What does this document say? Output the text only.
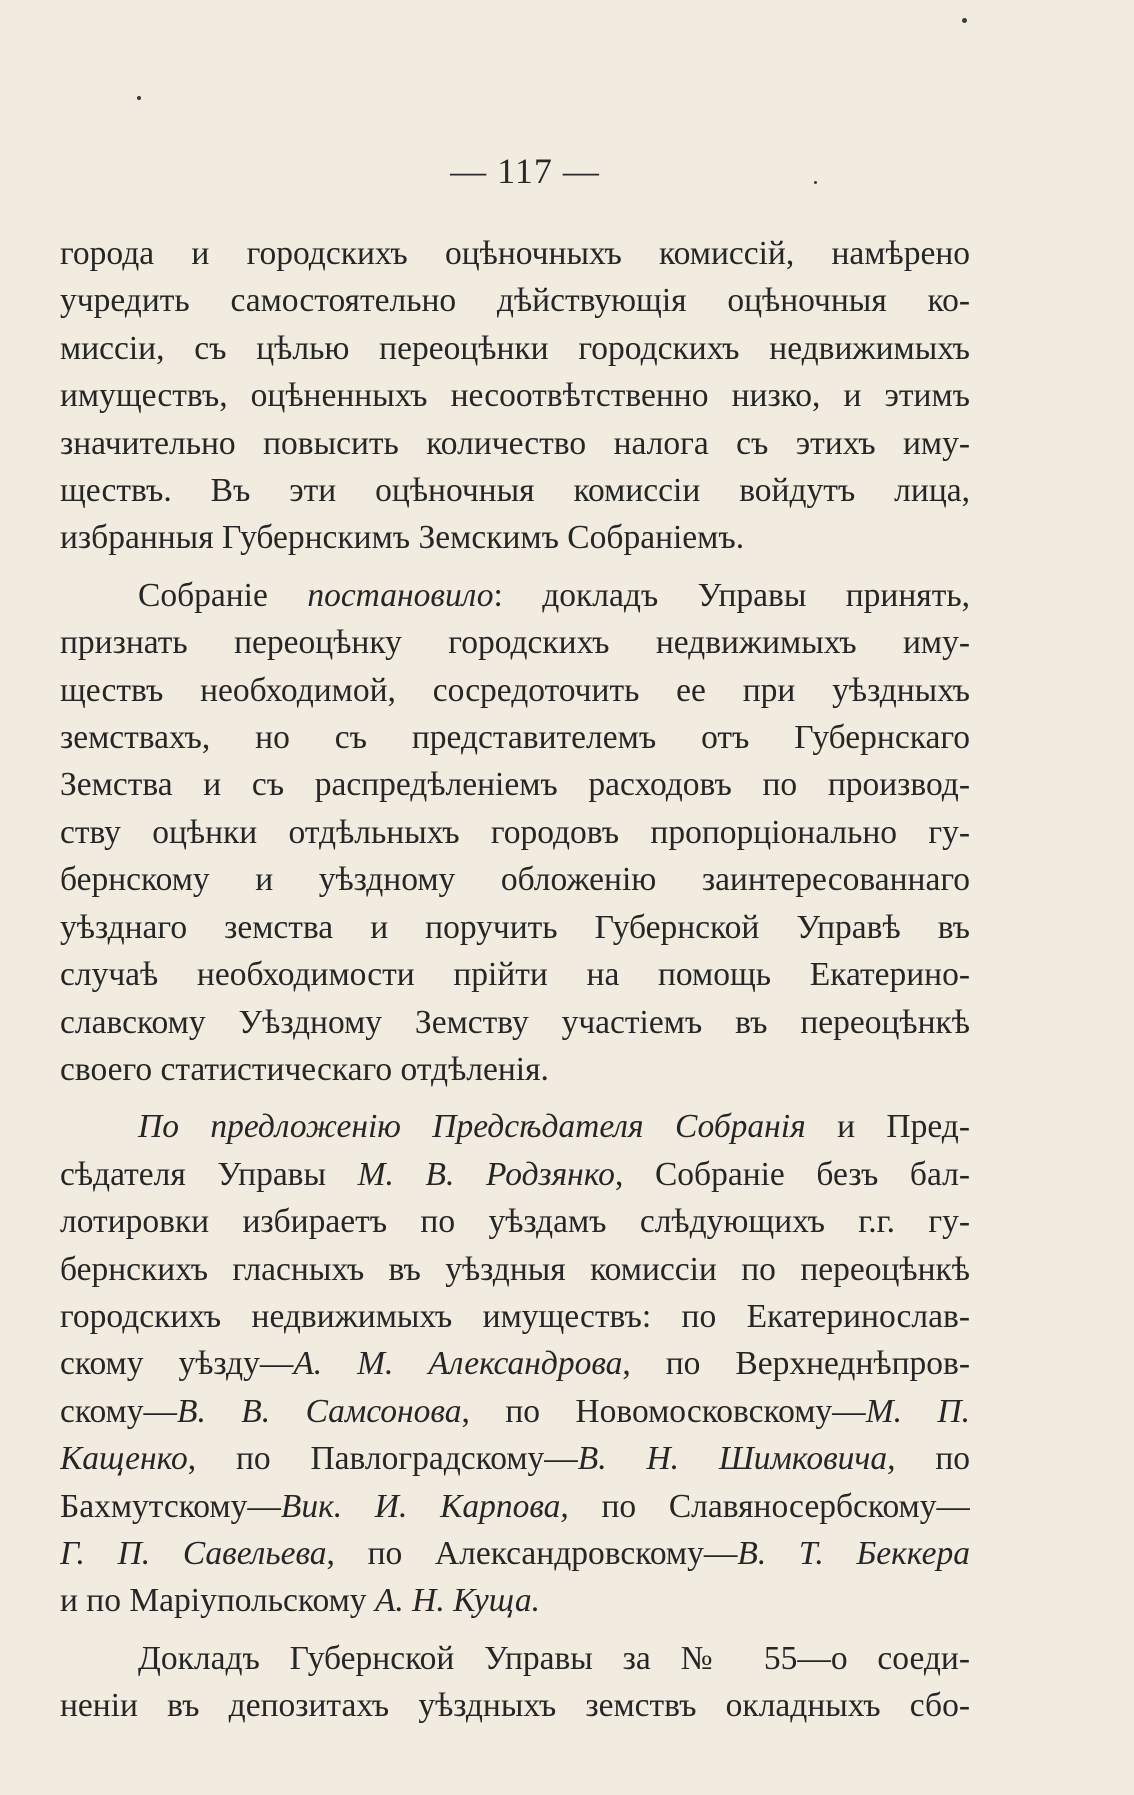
— 117 —
города и городскихъ оцѣночныхъ комиссій, намѣрено
учредить самостоятельно дѣйствующія оцѣночныя ко-
миссіи, съ цѣлью переоцѣнки городскихъ недвижимыхъ
имуществъ, оцѣненныхъ несоотвѣтственно низко, и этимъ
значительно повысить количество налога съ этихъ иму-
ществъ. Въ эти оцѣночныя комиссіи войдутъ лица,
избранныя Губернскимъ Земскимъ Собраніемъ.
Собраніе постановило: докладъ Управы принять,
признать переоцѣнку городскихъ недвижимыхъ иму-
ществъ необходимой, сосредоточить ее при уѣздныхъ
земствахъ, но съ представителемъ отъ Губернскаго
Земства и съ распредѣленіемъ расходовъ по производ-
ству оцѣнки отдѣльныхъ городовъ пропорціонально гу-
бернскому и уѣздному обложенію заинтересованнаго
уѣзднаго земства и поручить Губернской Управѣ въ
случаѣ необходимости прійти на помощь Екатерино-
славскому Уѣздному Земству участіемъ въ переоцѣнкѣ
своего статистическаго отдѣленія.
По предложенію Предсѣдателя Собранія и Пред-
сѣдателя Управы М. В. Родзянко, Собраніе безъ бал-
лотировки избираетъ по уѣздамъ слѣдующихъ г.г. гу-
бернскихъ гласныхъ въ уѣздныя комиссіи по переоцѣнкѣ
городскихъ недвижимыхъ имуществъ: по Екатеринослав-
скому уѣзду—А. М. Александрова, по Верхнеднѣпров-
скому—В. В. Самсонова, по Новомосковскому—М. П.
Кащенко, по Павлоградскому—В. Н. Шимковича, по
Бахмутскому—Вик. И. Карпова, по Славяносербскому—
Г. П. Савельева, по Александровскому—В. Т. Беккера
и по Маріупольскому А. Н. Куща.
Докладъ Губернской Управы за № 55—о соеди-
неніи въ депозитахъ уѣздныхъ земствъ окладныхъ сбо-
